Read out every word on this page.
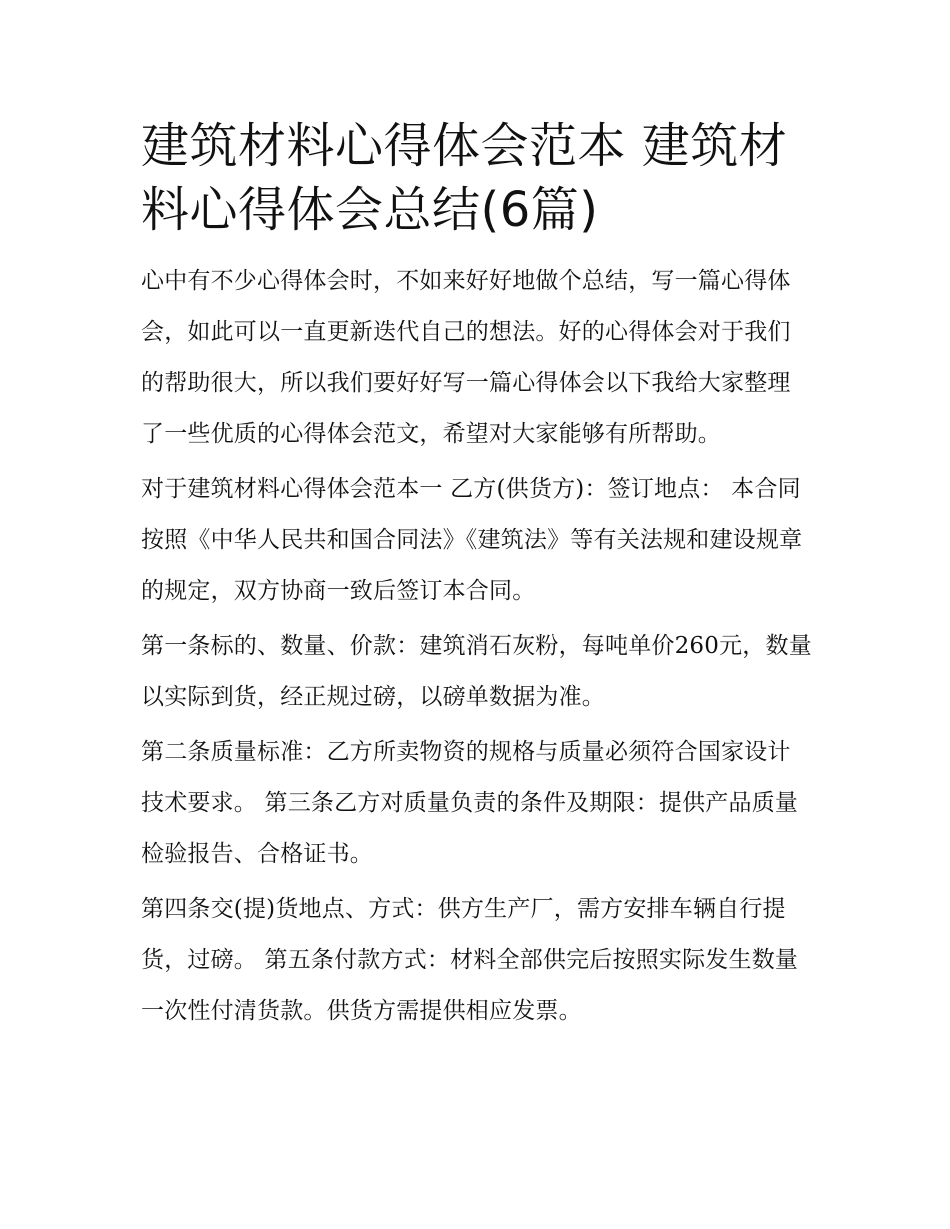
建筑材料心得体会范本 建筑材料心得体会总结(6篇)

心中有不少心得体会时，不如来好好地做个总结，写一篇心得体会，如此可以一直更新迭代自己的想法。好的心得体会对于我们的帮助很大，所以我们要好好写一篇心得体会以下我给大家整理了一些优质的心得体会范文，希望对大家能够有所帮助。

对于建筑材料心得体会范本一 乙方(供货方)：签订地点： 本合同按照《中华人民共和国合同法》《建筑法》等有关法规和建设规章的规定，双方协商一致后签订本合同。

第一条标的、数量、价款：建筑消石灰粉，每吨单价260元，数量以实际到货，经正规过磅，以磅单数据为准。

第二条质量标准：乙方所卖物资的规格与质量必须符合国家设计技术要求。 第三条乙方对质量负责的条件及期限：提供产品质量检验报告、合格证书。

第四条交(提)货地点、方式：供方生产厂，需方安排车辆自行提货，过磅。 第五条付款方式：材料全部供完后按照实际发生数量一次性付清货款。供货方需提供相应发票。
